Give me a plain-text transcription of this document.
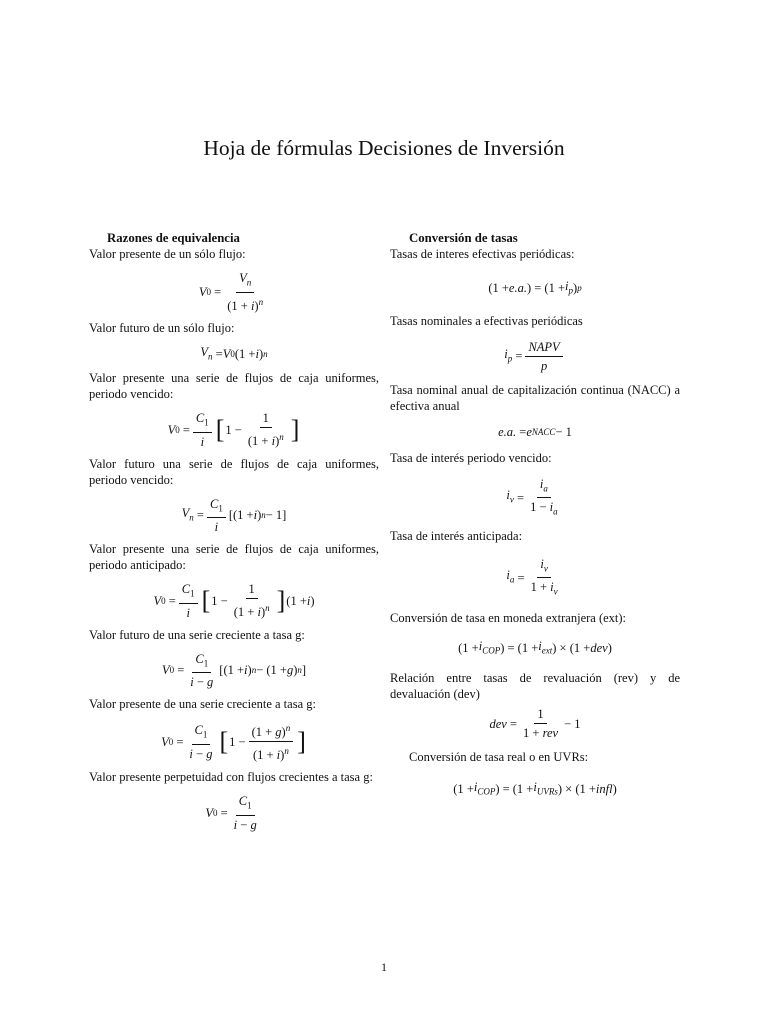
Hoja de fórmulas Decisiones de Inversión
Razones de equivalencia

Valor presente de un sólo flujo:

V $0 = \frac{V_n}{(1 + i)^n}$

Valor futuro de un sólo flujo:

$V_n = V$ 0 (1 + i ) n

Valor presente una serie de flujos de caja uniformes, periodo vencido:

V $0 = \frac{C_1}{i}$ [ $1 - \frac{1}{(1 + i)^n}$ ]

Valor futuro una serie de flujos de caja uniformes, periodo vencido:

$V_n = \frac{C_1}{i} [(1 + i$ ) n − 1]

Valor presente una serie de flujos de caja uniformes, periodo anticipado:

V $0 = \frac{C_1}{i}$ [ $1 - \frac{1}{(1 + i)^n}$ ] (1 + i )

Valor futuro de una serie creciente a tasa g:

V $0 = \frac{C_1}{i - g} [(1 + i$ ) n − (1 + g ) n ]

Valor presente de una serie creciente a tasa g:

V $0 = \frac{C_1}{i - g}$ [ $1 - \frac{(1 + g)^n}{(1 + i)^n}$ ]

Valor presente perpetuidad con flujos crecientes a tasa g:

V $0 = \frac{C_1}{i - g}$
Conversión de tasas

Tasas de interes efectivas periódicas:

(1 + e.a. ) = ($1 + i_p$ ) p

Tasas nominales a efectivas periódicas

$i_p = \frac{\text{NAPV}}{p}$

Tasa nominal anual de capitalización continua (NACC) a efectiva anual

e.a. = e NACC − 1

Tasa de interés periodo vencido:

$i_v = \frac{i_a}{1 - i_a}$

Tasa de interés anticipada:

$i_a = \frac{i_v}{1 + i_v}$

Conversión de tasa en moneda extranjera (ext):

($1 + i_{COP}$ ) = ($1 + i_{ext}$ ) × (1 + dev )

Relación entre tasas de revaluación (rev) y de devaluación (dev)

dev = $\frac{1}{\text{1 + rev}} - 1$

Conversión de tasa real o en UVRs:

($1 + i_{COP}$ ) = ($1 + i_{UVRs}$ ) × (1 + infl )
1
